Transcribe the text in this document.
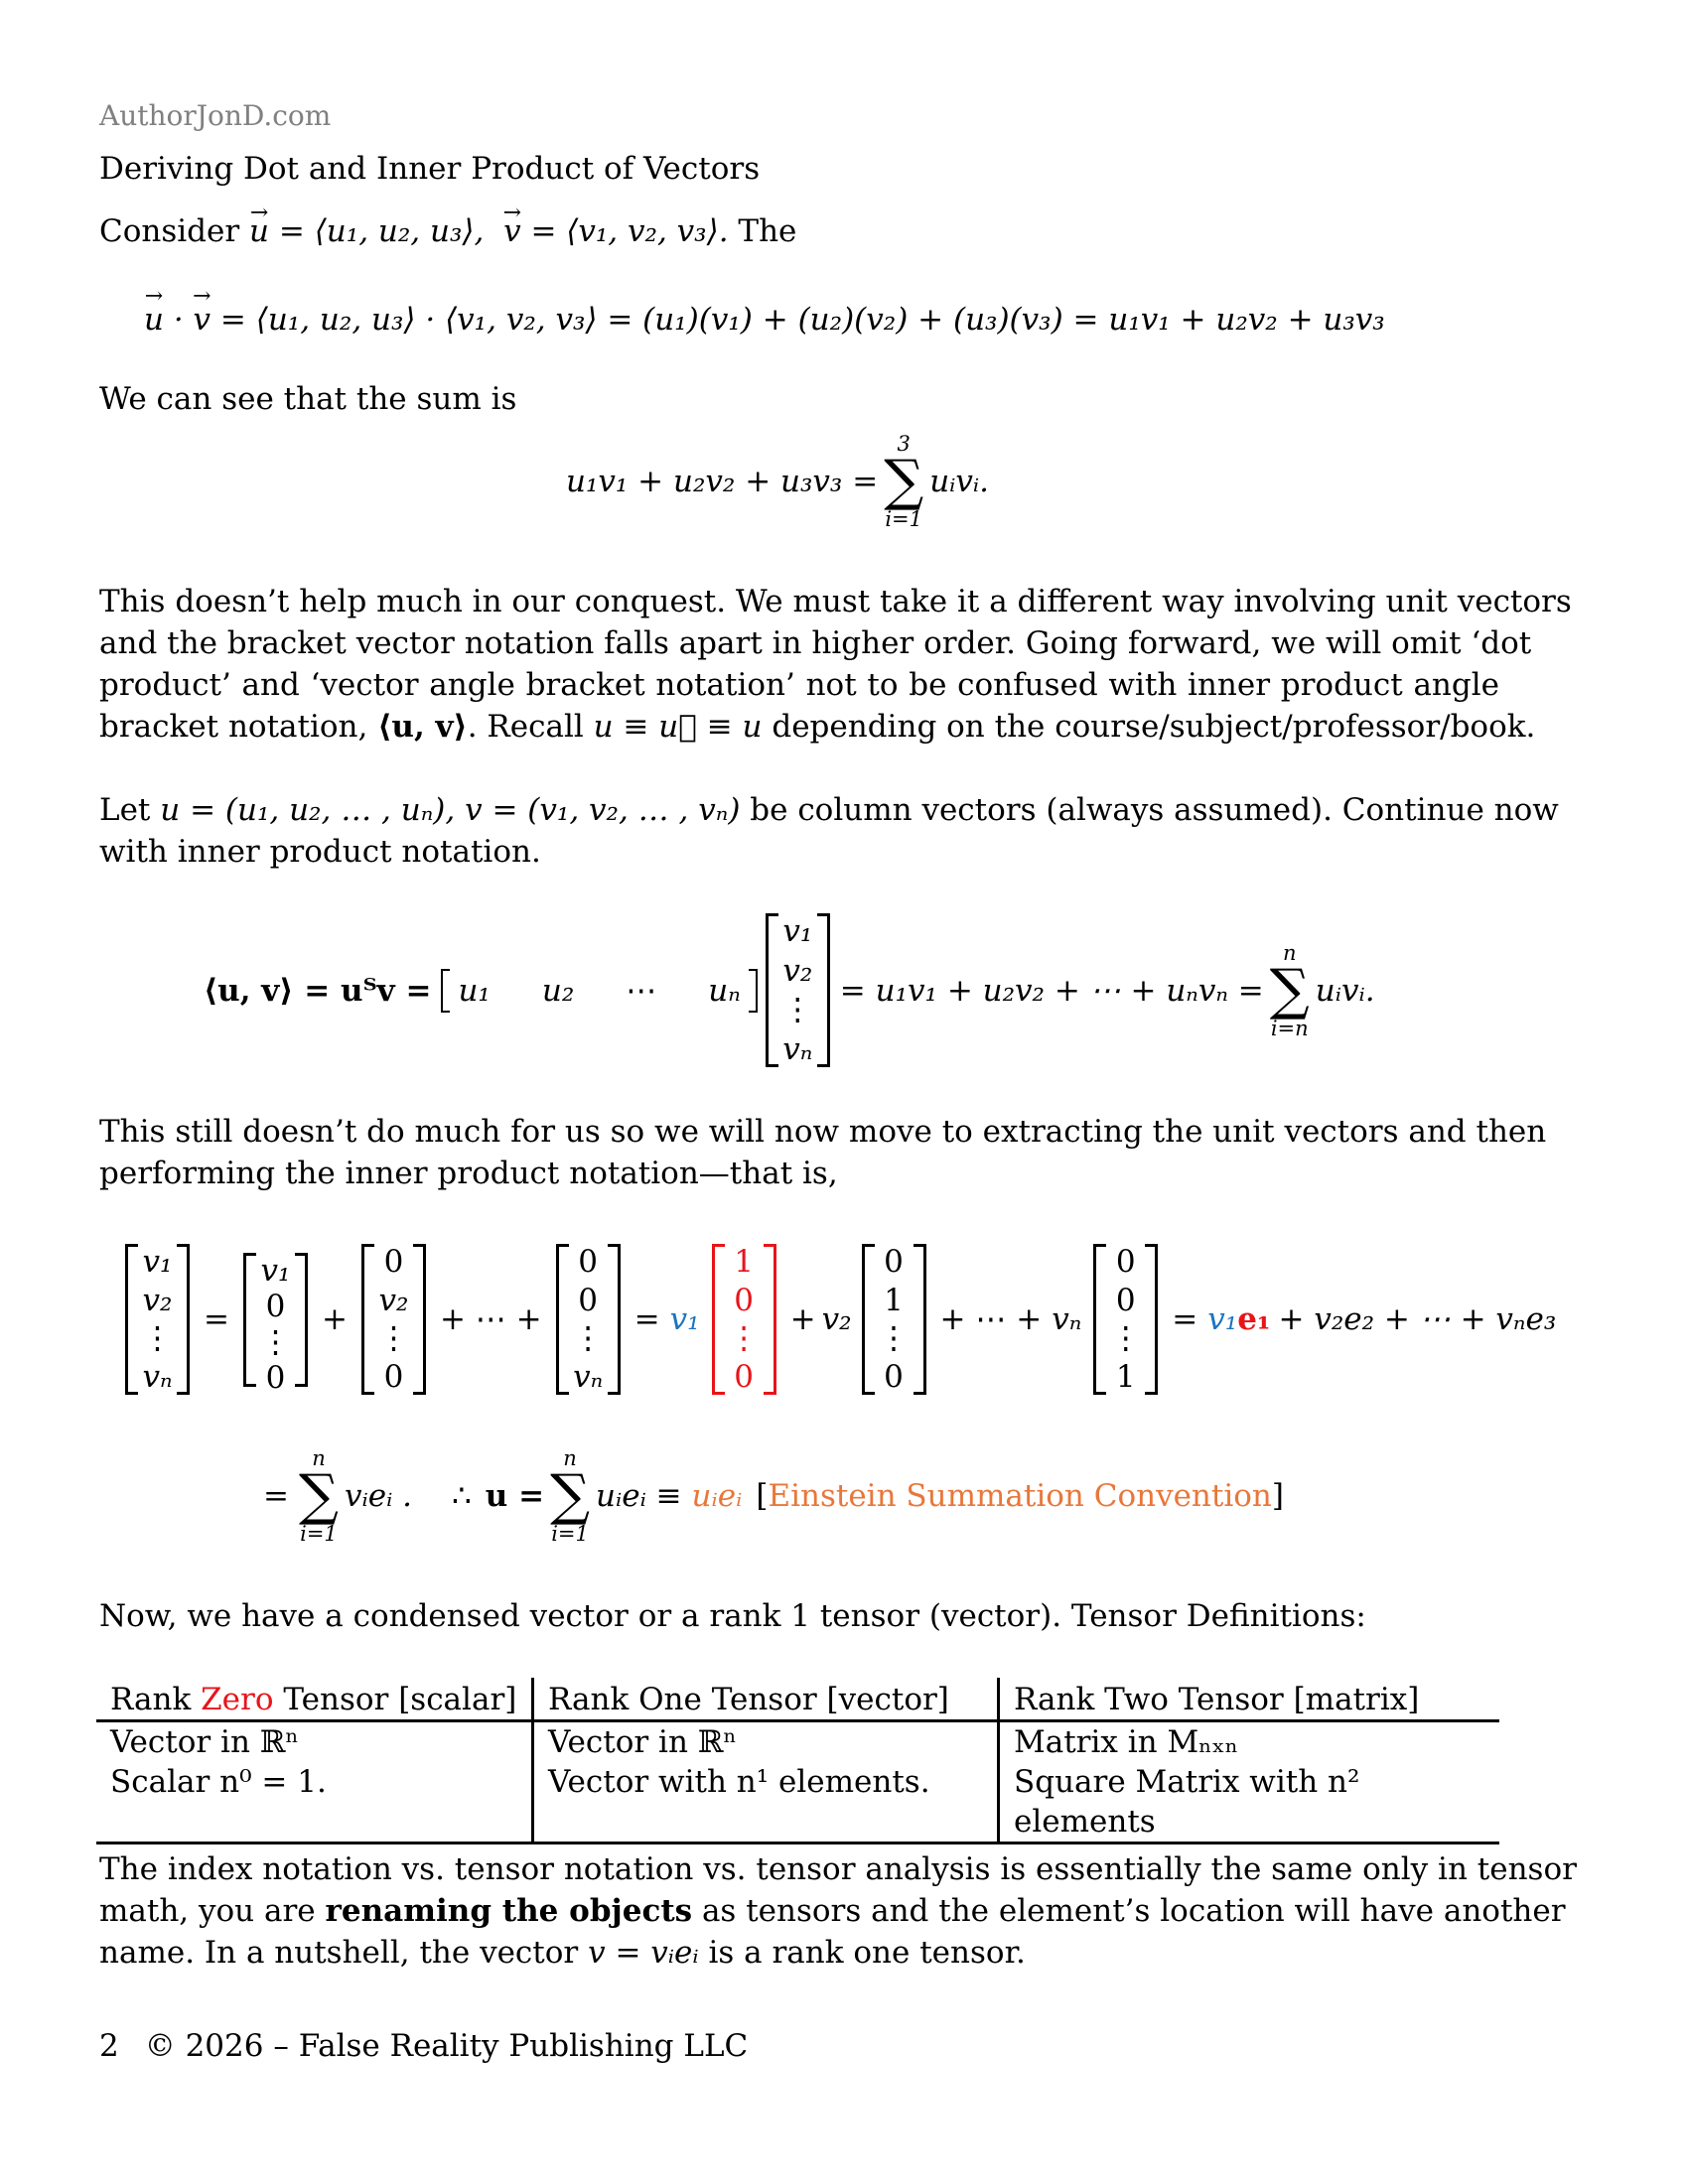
AuthorJonD.com
Deriving Dot and Inner Product of Vectors
Consider → u = ⟨u₁, u₂, u₃⟩, → v = ⟨v₁, v₂, v₃⟩. The
→ u · → v = ⟨u₁, u₂, u₃⟩ · ⟨v₁, v₂, v₃⟩ = (u₁)(v₁) + (u₂)(v₂) + (u₃)(v₃) = u₁v₁ + u₂v₂ + u₃v₃
We can see that the sum is
u₁v₁ + u₂v₂ + u₃v₃ =
3
∑
i=1
uᵢvᵢ.
This doesn’t help much in our conquest. We must take it a different way involving unit vectors
and the bracket vector notation falls apart in higher order. Going forward, we will omit ‘dot
product’ and ‘vector angle bracket notation’ not to be confused with inner product angle
bracket notation, ⟨u, v⟩. Recall u ≡ u⃗ ≡ u depending on the course/subject/professor/book.
Let u = (u₁, u₂, … , uₙ), v = (v₁, v₂, … , vₙ) be column vectors (always assumed). Continue now
with inner product notation.
⟨u, v⟩ = uᵀv = u₁ u₂ ⋯ uₙ
v₁
v₂
⋮
vₙ
= u₁v₁ + u₂v₂ + ⋯ + uₙvₙ =
n
∑
i=n
uᵢvᵢ.
This still doesn’t do much for us so we will now move to extracting the unit vectors and then
performing the inner product notation—that is,
v₁
v₂
⋮
vₙ
=
v₁
0
⋮
0
+
0
v₂
⋮
0
+ ⋯ +
0
0
⋮
vₙ
= v₁
1
0
⋮
0
+ v₂
0
1
⋮
0
+ ⋯ + vₙ
0
0
⋮
1
= v₁ e₁ + v₂e₂ + ⋯ + vₙe₃
=
n
∑
i=1
vᵢeᵢ . ∴ u =
n
∑
i=1
uᵢeᵢ ≡
uᵢeᵢ [Einstein Summation Convention]
Now, we have a condensed vector or a rank 1 tensor (vector). Tensor Definitions:
Rank Zero Tensor [scalar]	Rank One Tensor [vector]	Rank Two Tensor [matrix]
Vector in ℝⁿ	Vector in ℝⁿ	Matrix in Mₙₓₙ
Scalar n⁰ = 1.	Vector with n¹ elements.	Square Matrix with n² elements
The index notation vs. tensor notation vs. tensor analysis is essentially the same only in tensor
math, you are renaming the objects as tensors and the element’s location will have another
name. In a nutshell, the vector v = vᵢeᵢ is a rank one tensor.
2 © 2026 – False Reality Publishing LLC
